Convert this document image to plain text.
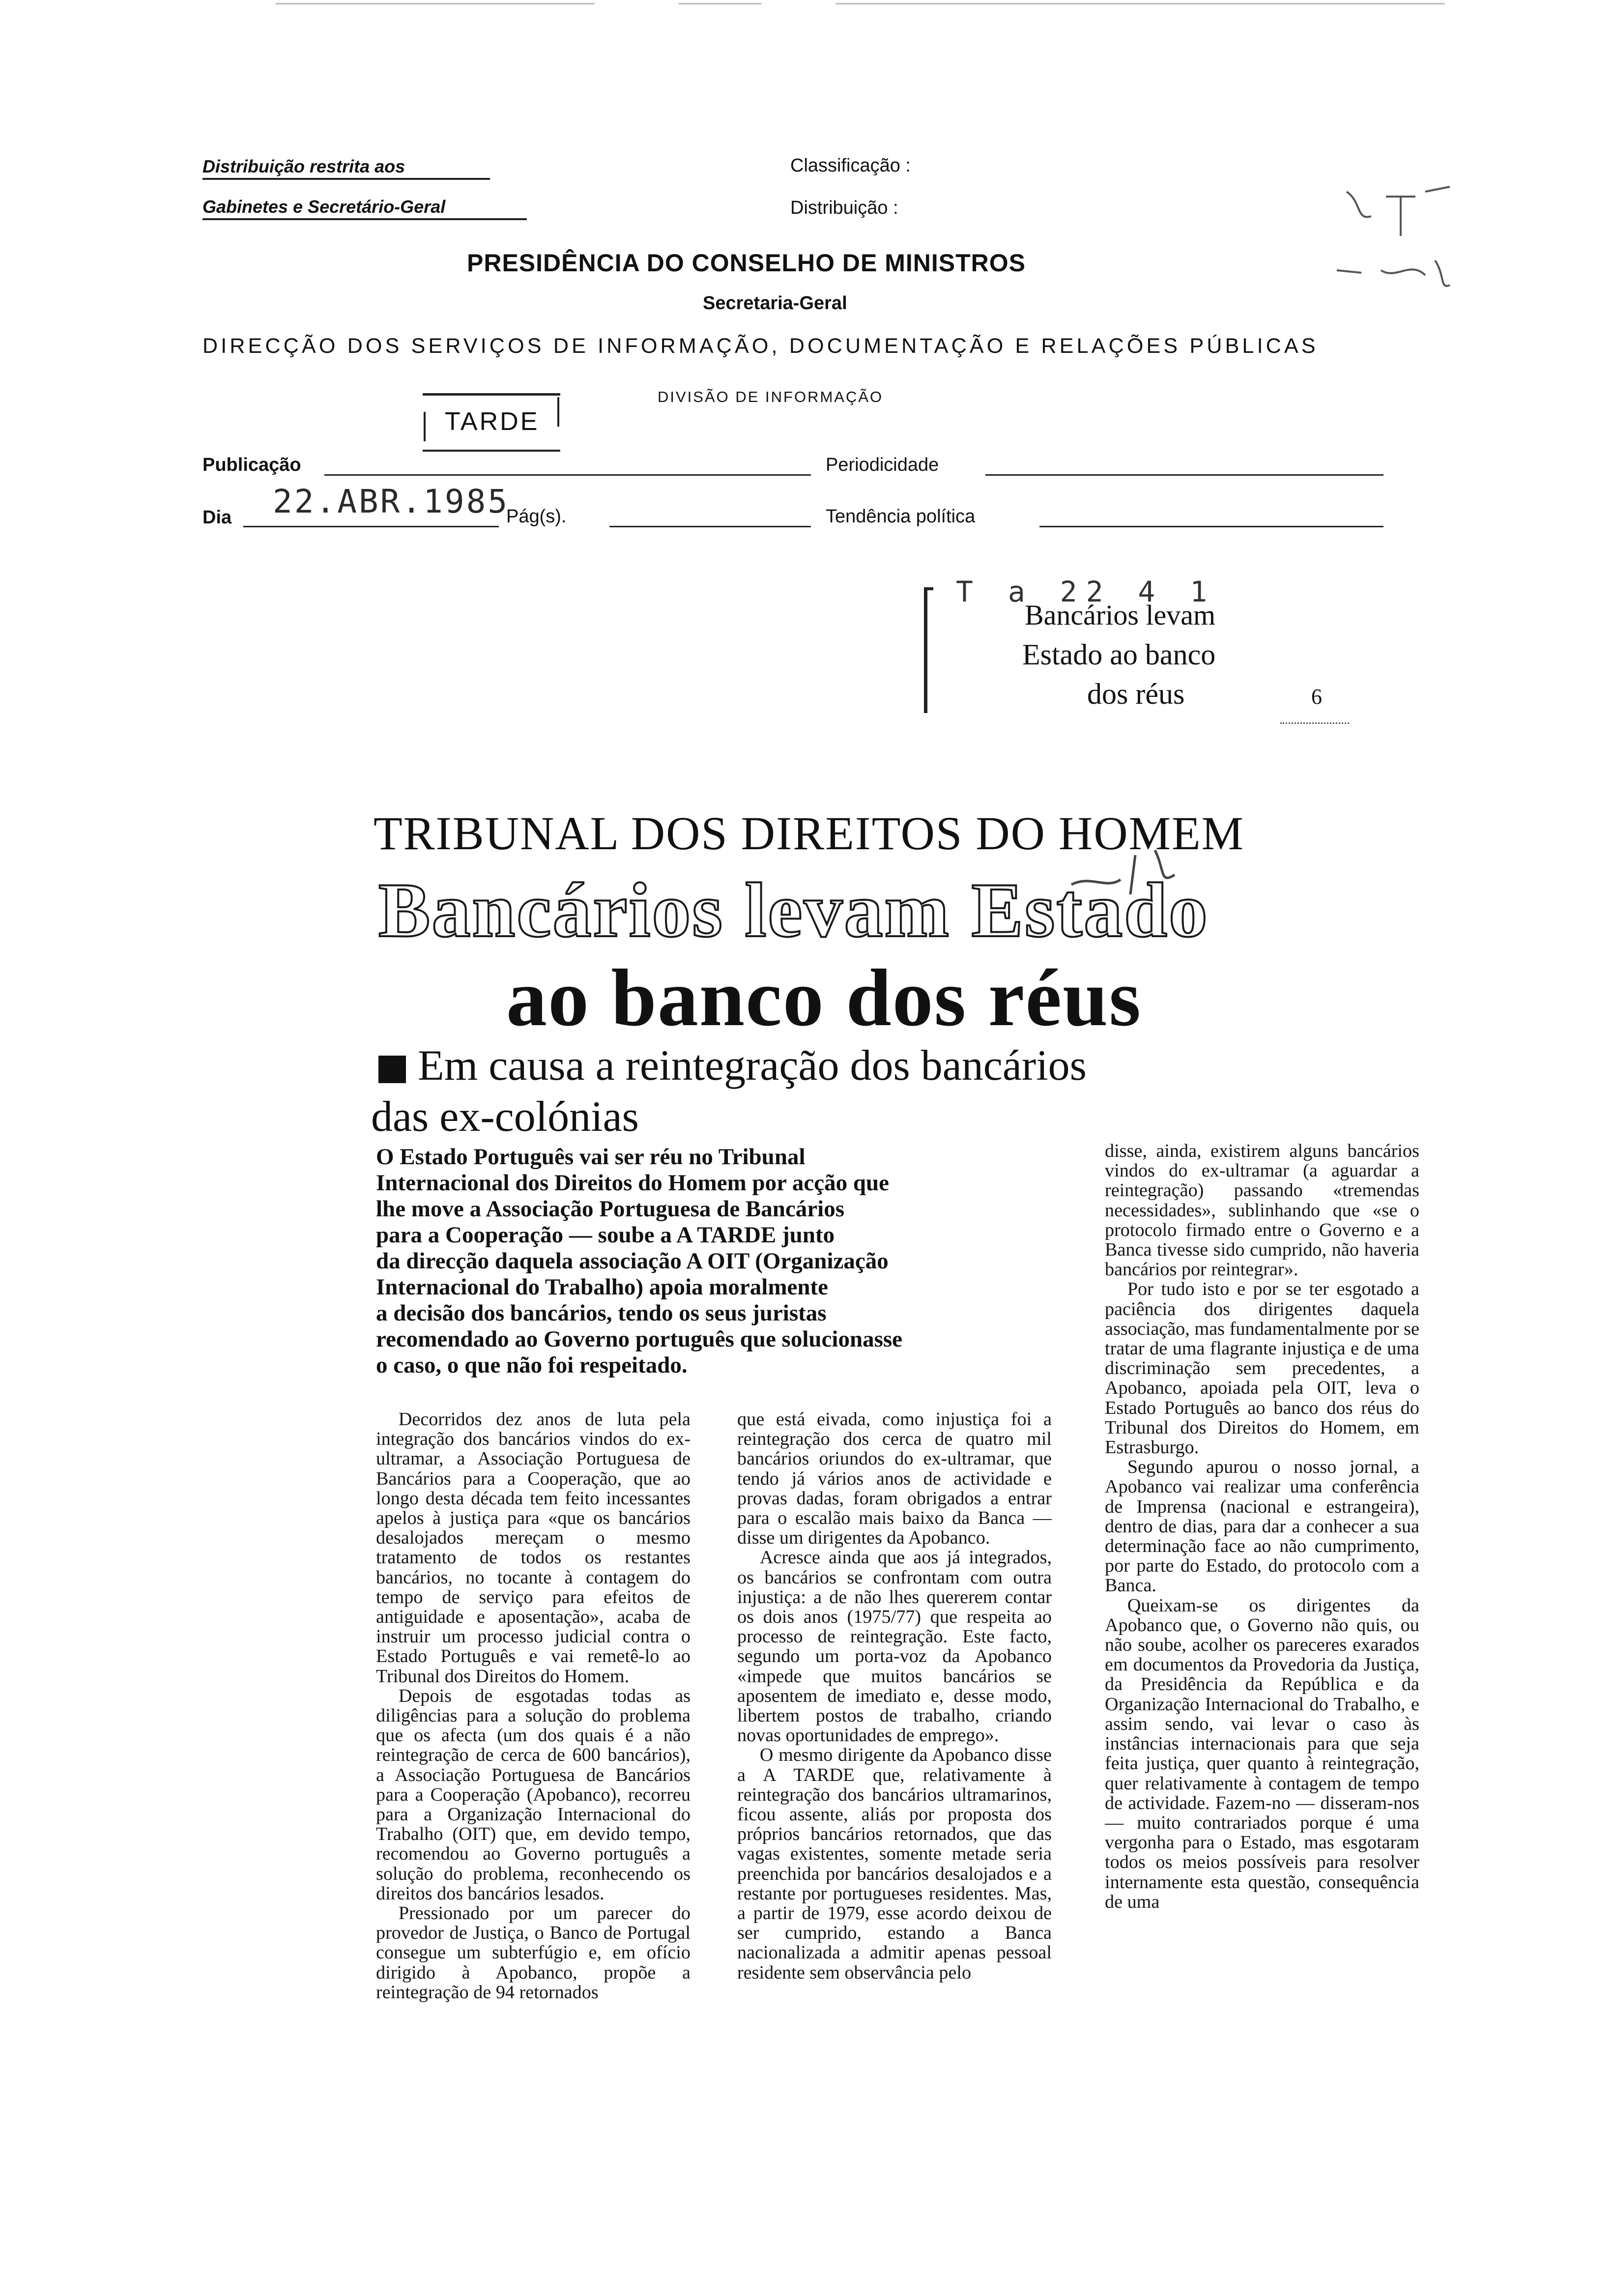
Distribuição restrita aos
Gabinetes e Secretário-Geral
Classificação :
Distribuição :
PRESIDÊNCIA DO CONSELHO DE MINISTROS
Secretaria-Geral
DIRECÇÃO DOS SERVIÇOS DE INFORMAÇÃO, DOCUMENTAÇÃO E RELAÇÕES PÚBLICAS
TARDE
DIVISÃO DE INFORMAÇÃO
Publicação	Periodicidade
Dia 22.ABR.1985
Pág(s).	Tendência política
T a 22 4 1
Bancários levam
Estado ao banco
dos réus	6
TRIBUNAL DOS DIREITOS DO HOMEM
Bancários levam Estado
ao banco dos réus
Em causa a reintegração dos bancários
das ex-colónias

O Estado Português vai ser réu no Tribunal

Internacional dos Direitos do Homem por acção que

lhe move a Associação Portuguesa de Bancários

para a Cooperação — soube a A TARDE junto

da direcção daquela associação A OIT (Organização

Internacional do Trabalho) apoia moralmente

a decisão dos bancários, tendo os seus juristas

recomendado ao Governo português que solucionasse

o caso, o que não foi respeitado.

Decorridos dez anos de luta pela integração dos bancários vindos do ex-ultramar, a Associação Portuguesa de Bancários para a Cooperação, que ao longo desta década tem feito incessantes apelos à justiça para «que os bancários desalojados mereçam o mesmo tratamento de todos os restantes bancários, no tocante à contagem do tempo de serviço para efeitos de antiguidade e aposentação», acaba de instruir um processo judicial contra o Estado Português e vai remetê-lo ao Tribunal dos Direitos do Homem.

Depois de esgotadas todas as diligências para a solução do problema que os afecta (um dos quais é a não reintegração de cerca de 600 bancários), a Associação Portuguesa de Bancários para a Cooperação (Apobanco), recorreu para a Organização Internacional do Trabalho (OIT) que, em devido tempo, recomendou ao Governo português a solução do problema, reconhecendo os direitos dos bancários lesados.

Pressionado por um parecer do provedor de Justiça, o Banco de Portugal consegue um subterfúgio e, em ofício dirigido à Apobanco, propõe a reintegração de 94 retornados

que está eivada, como injustiça foi a reintegração dos cerca de quatro mil bancários oriundos do ex-ultramar, que tendo já vários anos de actividade e provas dadas, foram obrigados a entrar para o escalão mais baixo da Banca — disse um dirigentes da Apobanco.

Acresce ainda que aos já integrados, os bancários se confrontam com outra injustiça: a de não lhes quererem contar os dois anos (1975/77) que respeita ao processo de reintegração. Este facto, segundo um porta-voz da Apobanco «impede que muitos bancários se aposentem de imediato e, desse modo, libertem postos de trabalho, criando novas oportunidades de emprego».

O mesmo dirigente da Apobanco disse a A TARDE que, relativamente à reintegração dos bancários ultramarinos, ficou assente, aliás por proposta dos próprios bancários retornados, que das vagas existentes, somente metade seria preenchida por bancários desalojados e a restante por portugueses residentes. Mas, a partir de 1979, esse acordo deixou de ser cumprido, estando a Banca nacionalizada a admitir apenas pessoal residente sem observância pelo

disse, ainda, existirem alguns bancários vindos do ex-ultramar (a aguardar a reintegração) passando «tremendas necessidades», sublinhando que «se o protocolo firmado entre o Governo e a Banca tivesse sido cumprido, não haveria bancários por reintegrar».

Por tudo isto e por se ter esgotado a paciência dos dirigentes daquela associação, mas fundamentalmente por se tratar de uma flagrante injustiça e de uma discriminação sem precedentes, a Apobanco, apoiada pela OIT, leva o Estado Português ao banco dos réus do Tribunal dos Direitos do Homem, em Estrasburgo.

Segundo apurou o nosso jornal, a Apobanco vai realizar uma conferência de Imprensa (nacional e estrangeira), dentro de dias, para dar a conhecer a sua determinação face ao não cumprimento, por parte do Estado, do protocolo com a Banca.

Queixam-se os dirigentes da Apobanco que, o Governo não quis, ou não soube, acolher os pareceres exarados em documentos da Provedoria da Justiça, da Presidência da República e da Organização Internacional do Trabalho, e assim sendo, vai levar o caso às instâncias internacionais para que seja feita justiça, quer quanto à reintegração, quer relativamente à contagem de tempo de actividade. Fazem-no — disseram-nos — muito contrariados porque é uma vergonha para o Estado, mas esgotaram todos os meios possíveis para resolver internamente esta questão, consequência de uma
